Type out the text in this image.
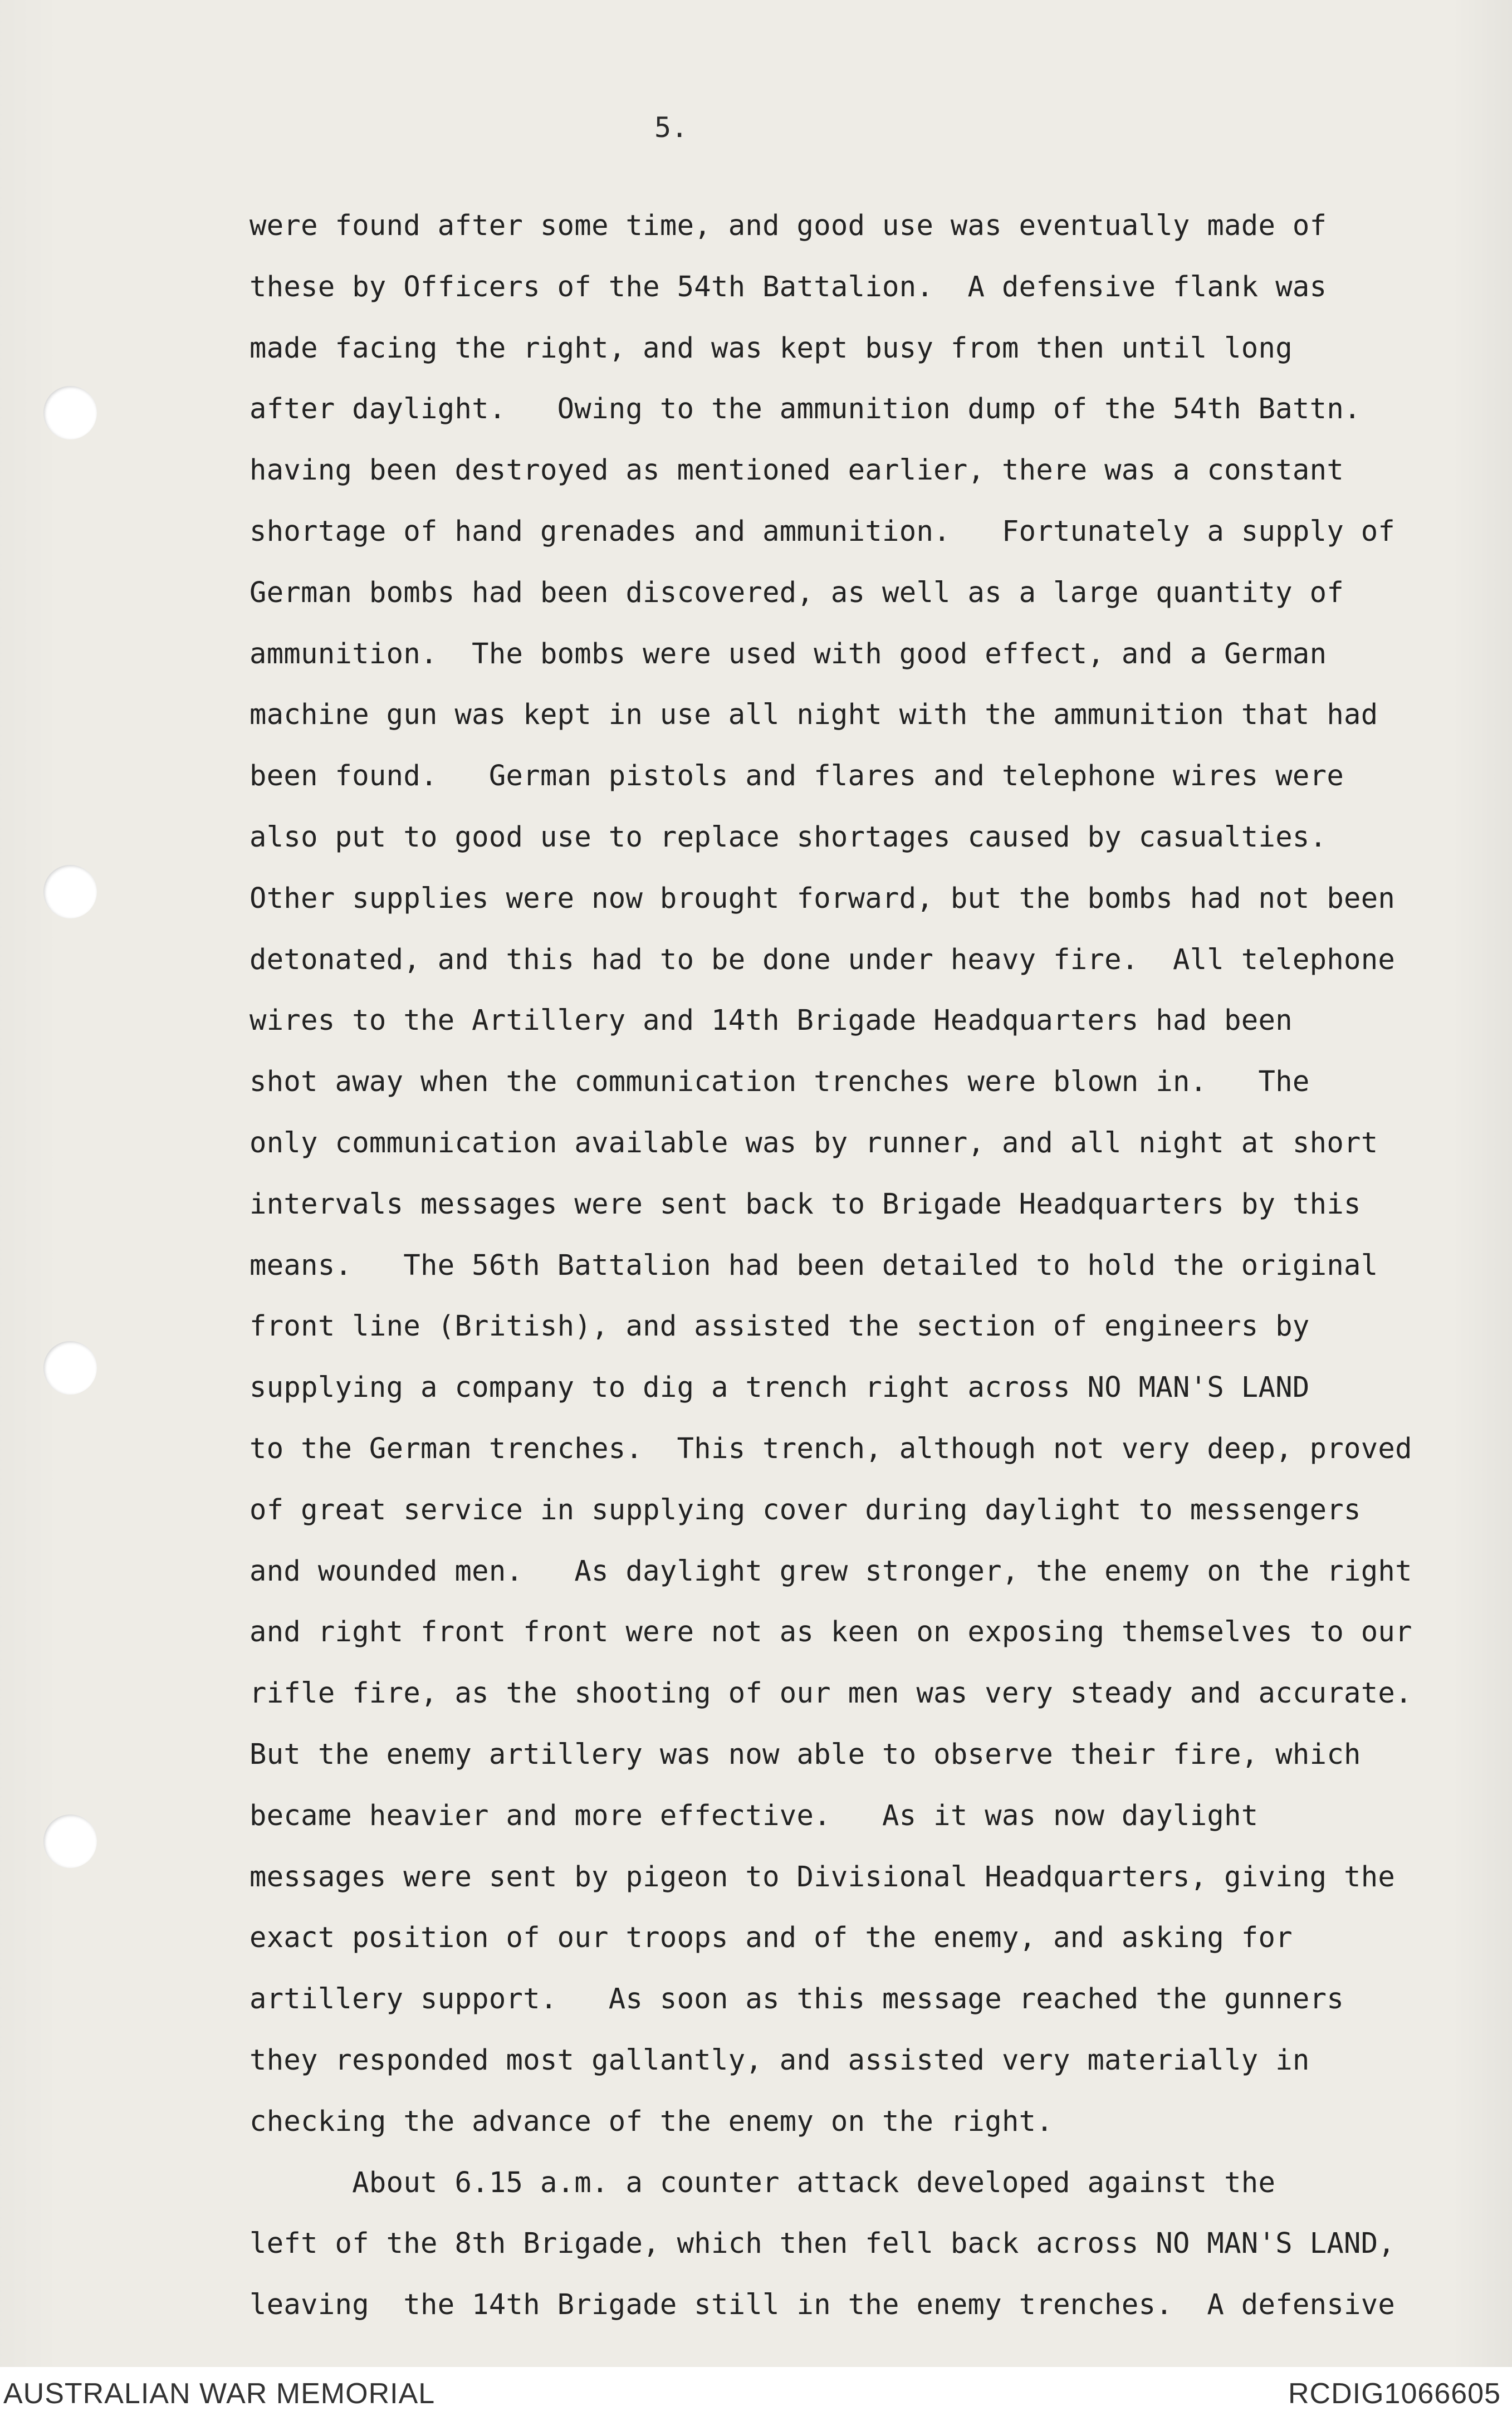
5.
were found after some time, and good use was eventually made of
these by Officers of the 54th Battalion.  A defensive flank was
made facing the right, and was kept busy from then until long
after daylight.   Owing to the ammunition dump of the 54th Battn.
having been destroyed as mentioned earlier, there was a constant
shortage of hand grenades and ammunition.   Fortunately a supply of
German bombs had been discovered, as well as a large quantity of
ammunition.  The bombs were used with good effect, and a German
machine gun was kept in use all night with the ammunition that had
been found.   German pistols and flares and telephone wires were
also put to good use to replace shortages caused by casualties.
Other supplies were now brought forward, but the bombs had not been
detonated, and this had to be done under heavy fire.  All telephone
wires to the Artillery and 14th Brigade Headquarters had been
shot away when the communication trenches were blown in.   The
only communication available was by runner, and all night at short
intervals messages were sent back to Brigade Headquarters by this
means.   The 56th Battalion had been detailed to hold the original
front line (British), and assisted the section of engineers by
supplying a company to dig a trench right across NO MAN'S LAND
to the German trenches.  This trench, although not very deep, proved
of great service in supplying cover during daylight to messengers
and wounded men.   As daylight grew stronger, the enemy on the right
and right front front were not as keen on exposing themselves to our
rifle fire, as the shooting of our men was very steady and accurate.
But the enemy artillery was now able to observe their fire, which
became heavier and more effective.   As it was now daylight
messages were sent by pigeon to Divisional Headquarters, giving the
exact position of our troops and of the enemy, and asking for
artillery support.   As soon as this message reached the gunners
they responded most gallantly, and assisted very materially in
checking the advance of the enemy on the right.
About 6.15 a.m. a counter attack developed against the
left of the 8th Brigade, which then fell back across NO MAN'S LAND,
leaving  the 14th Brigade still in the enemy trenches.  A defensive
AUSTRALIAN WAR MEMORIAL	RCDIG1066605
